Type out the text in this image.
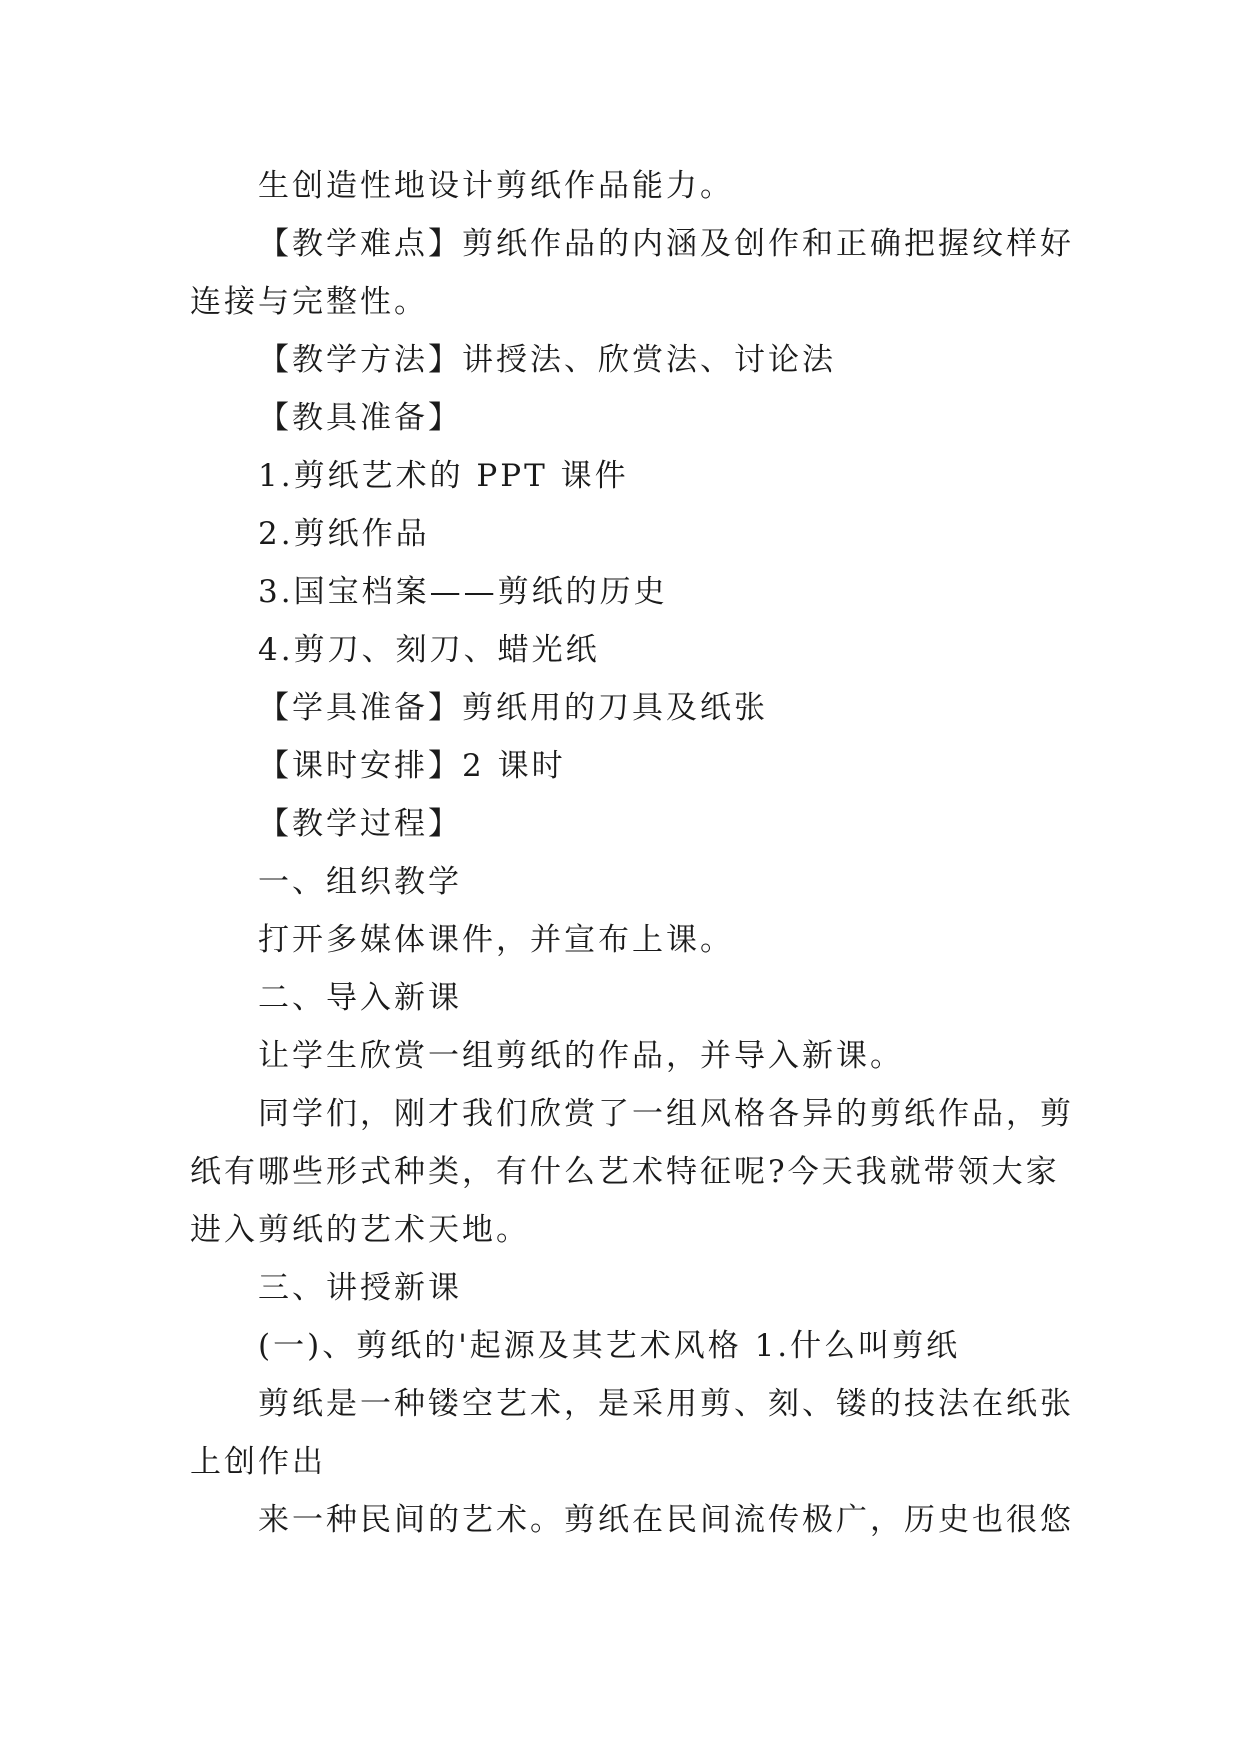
生创造性地设计剪纸作品能力。
【教学难点】剪纸作品的内涵及创作和正确把握纹样好
连接与完整性。
【教学方法】讲授法、欣赏法、讨论法
【教具准备】
1.剪纸艺术的 PPT 课件
2.剪纸作品
3.国宝档案——剪纸的历史
4.剪刀、刻刀、蜡光纸
【学具准备】剪纸用的刀具及纸张
【课时安排】2 课时
【教学过程】
一、组织教学
打开多媒体课件，并宣布上课。
二、导入新课
让学生欣赏一组剪纸的作品，并导入新课。
同学们，刚才我们欣赏了一组风格各异的剪纸作品，剪
纸有哪些形式种类，有什么艺术特征呢?今天我就带领大家
进入剪纸的艺术天地。
三、讲授新课
(一)、剪纸的'起源及其艺术风格 1.什么叫剪纸
剪纸是一种镂空艺术，是采用剪、刻、镂的技法在纸张
上创作出
来一种民间的艺术。剪纸在民间流传极广，历史也很悠
